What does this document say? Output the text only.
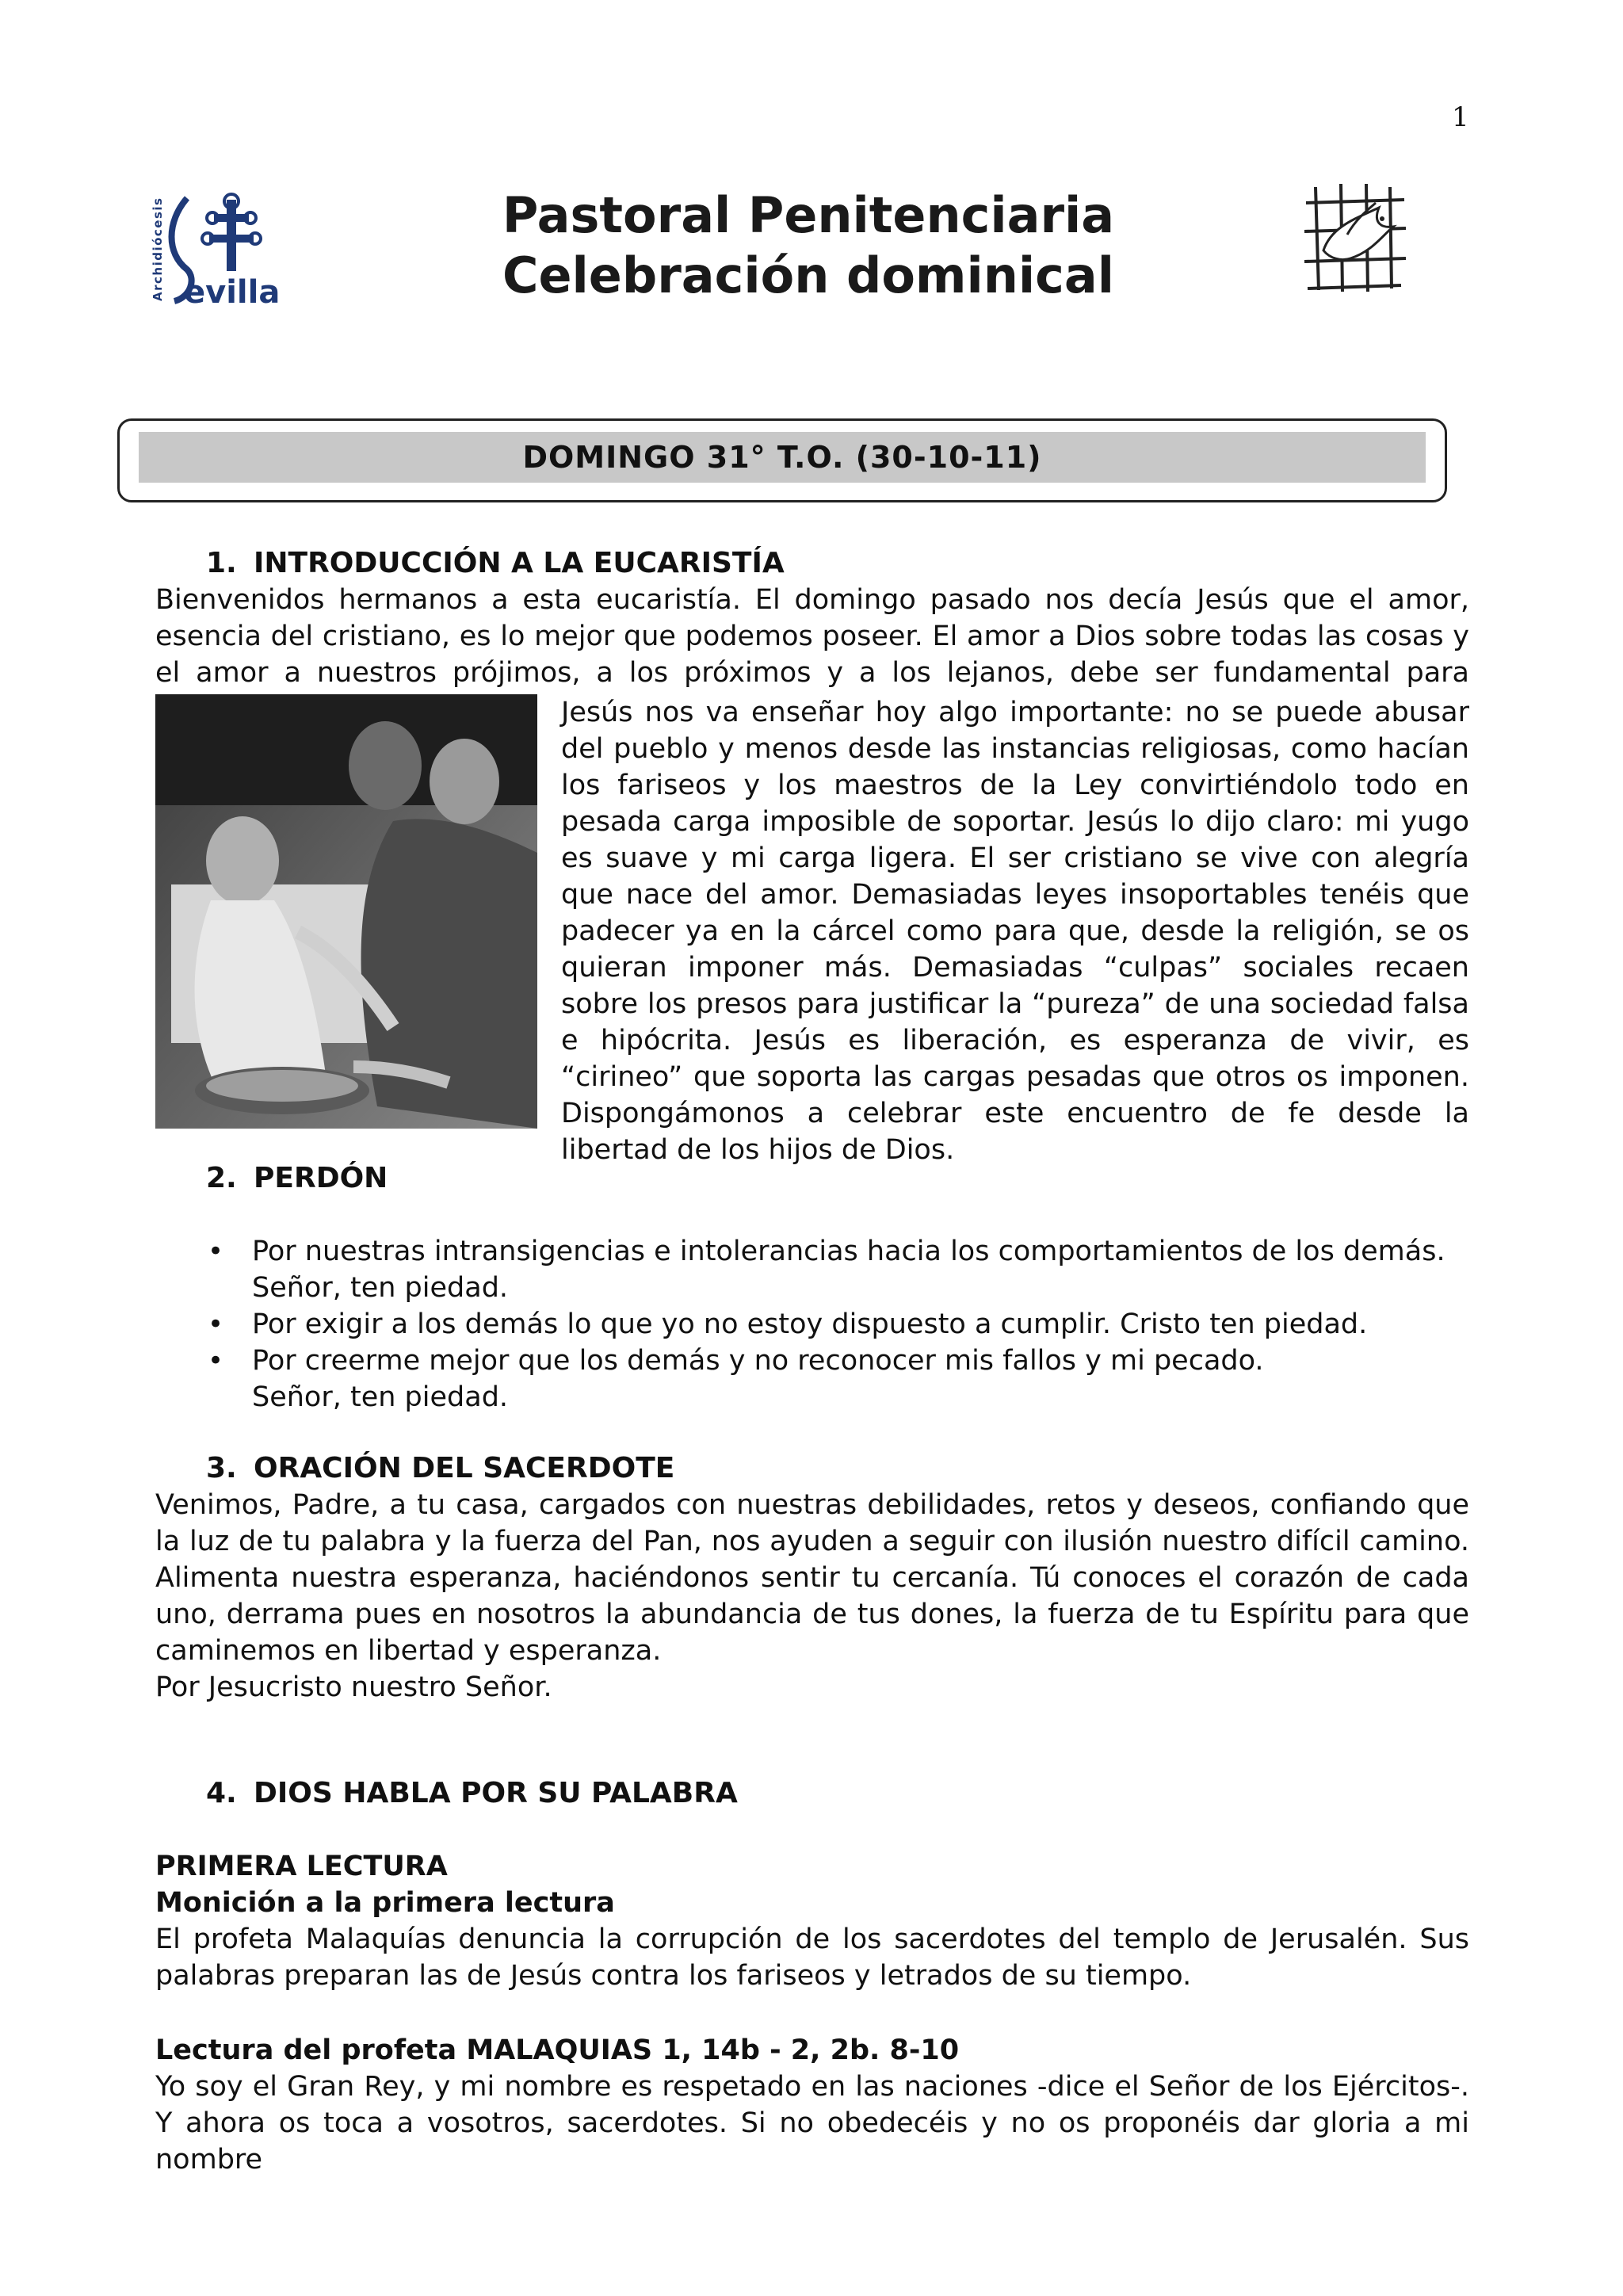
1
Archidiócesis evilla
Pastoral Penitenciaria
Celebración dominical
DOMINGO 31° T.O. (30-10-11)
1. INTRODUCCIÓN A LA EUCARISTÍA
Bienvenidos hermanos a esta eucaristía. El domingo pasado nos decía Jesús que el amor, esencia del cristiano, es lo mejor que podemos poseer. El amor a Dios sobre todas las cosas y el amor a nuestros prójimos, a los próximos y a los lejanos, debe ser fundamental para
Jesús nos va enseñar hoy algo importante: no se puede abusar del pueblo y menos desde las instancias religiosas, como hacían los fariseos y los maestros de la Ley convirtiéndolo todo en pesada carga imposible de soportar. Jesús lo dijo claro: mi yugo es suave y mi carga ligera. El ser cristiano se vive con alegría que nace del amor. Demasiadas leyes insoportables tenéis que padecer ya en la cárcel como para que, desde la religión, se os quieran imponer más. Demasiadas “culpas” sociales recaen sobre los presos para justificar la “pureza” de una sociedad falsa e hipócrita. Jesús es liberación, es esperanza de vivir, es “cirineo” que soporta las cargas pesadas que otros os imponen. Dispongámonos a celebrar este encuentro de fe desde la libertad de los hijos de Dios.
2. PERDÓN
• Por nuestras intransigencias e intolerancias hacia los comportamientos de los demás.
Señor, ten piedad.
• Por exigir a los demás lo que yo no estoy dispuesto a cumplir. Cristo ten piedad.
• Por creerme mejor que los demás y no reconocer mis fallos y mi pecado.
Señor, ten piedad.
3. ORACIÓN DEL SACERDOTE
Venimos, Padre, a tu casa, cargados con nuestras debilidades, retos y deseos, confiando que la luz de tu palabra y la fuerza del Pan, nos ayuden a seguir con ilusión nuestro difícil camino. Alimenta nuestra esperanza, haciéndonos sentir tu cercanía. Tú conoces el corazón de cada uno, derrama pues en nosotros la abundancia de tus dones, la fuerza de tu Espíritu para que caminemos en libertad y esperanza.
Por Jesucristo nuestro Señor.
4. DIOS HABLA POR SU PALABRA
PRIMERA LECTURA
Monición a la primera lectura
El profeta Malaquías denuncia la corrupción de los sacerdotes del templo de Jerusalén. Sus palabras preparan las de Jesús contra los fariseos y letrados de su tiempo.
Lectura del profeta MALAQUIAS 1, 14b - 2, 2b. 8-10
Yo soy el Gran Rey, y mi nombre es respetado en las naciones -dice el Señor de los Ejércitos-. Y ahora os toca a vosotros, sacerdotes. Si no obedecéis y no os proponéis dar gloria a mi nombre
